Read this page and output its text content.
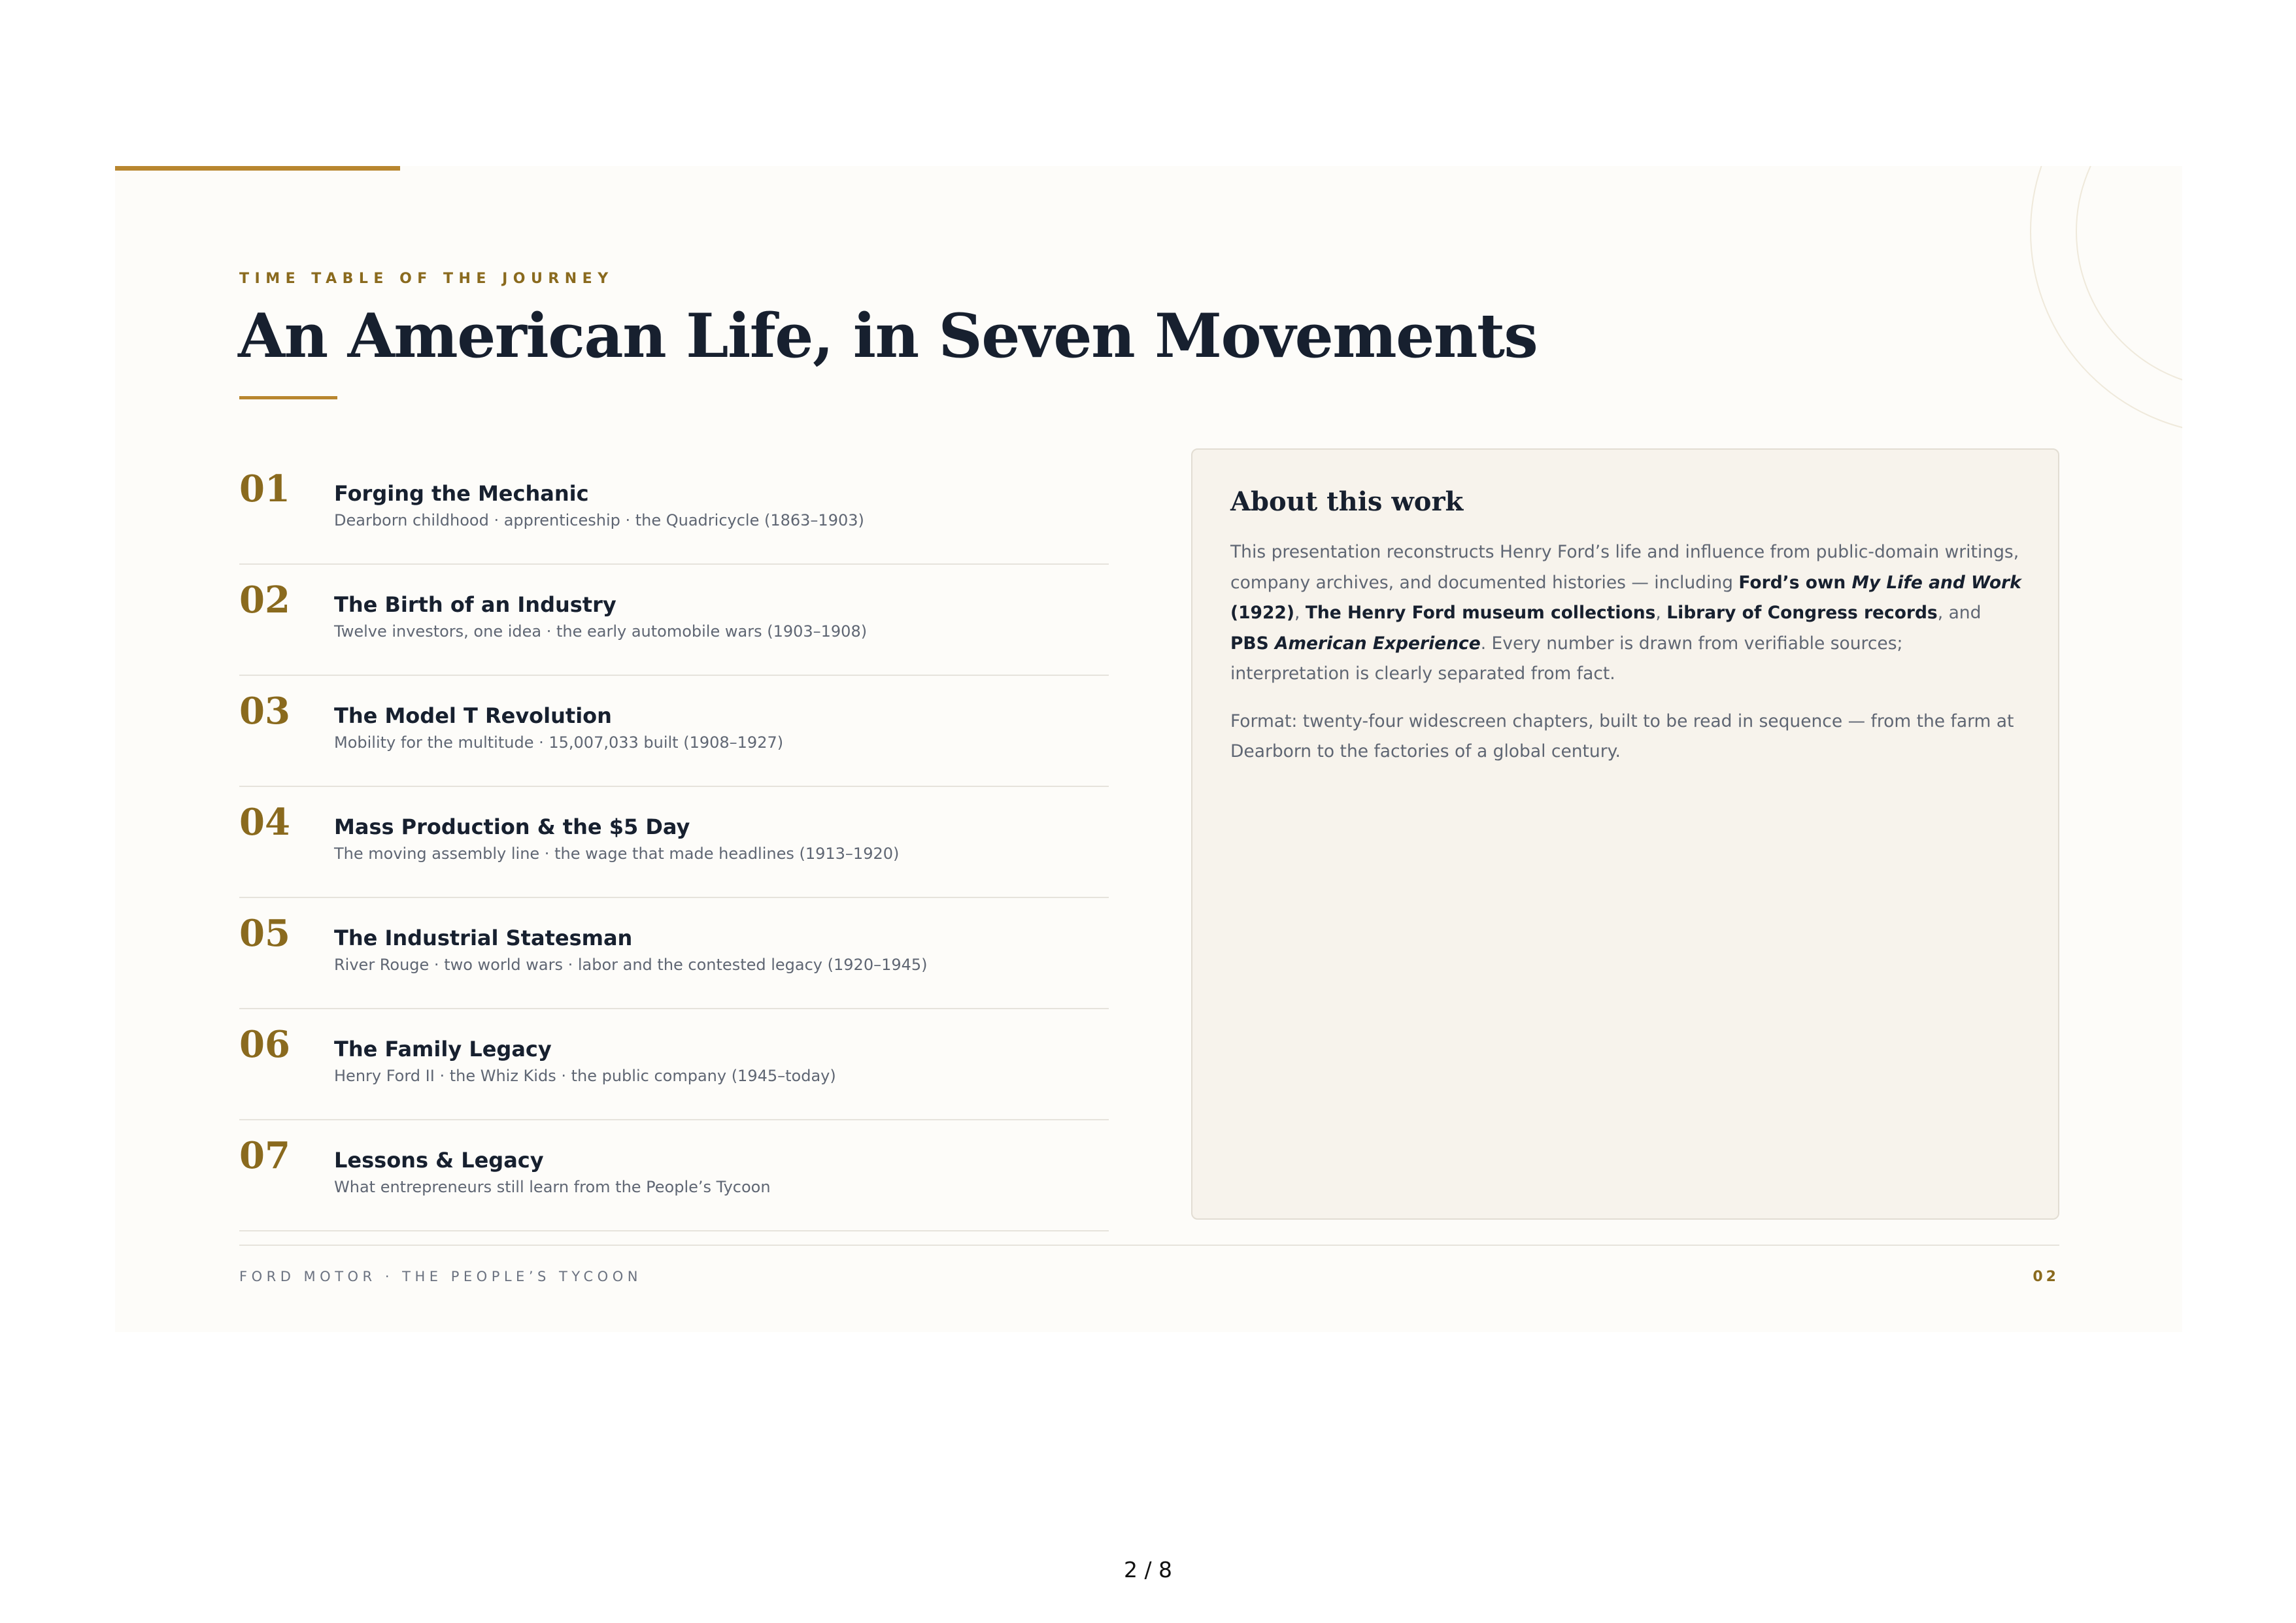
TIME TABLE OF THE JOURNEY
An American Life, in Seven Movements
01 Forging the Mechanic
Dearborn childhood · apprenticeship · the Quadricycle (1863–1903)
02 The Birth of an Industry
Twelve investors, one idea · the early automobile wars (1903–1908)
03 The Model T Revolution
Mobility for the multitude · 15,007,033 built (1908–1927)
04 Mass Production & the $5 Day
The moving assembly line · the wage that made headlines (1913–1920)
05 The Industrial Statesman
River Rouge · two world wars · labor and the contested legacy (1920–1945)
06 The Family Legacy
Henry Ford II · the Whiz Kids · the public company (1945–today)
07 Lessons & Legacy
What entrepreneurs still learn from the People’s Tycoon
About this work

This presentation reconstructs Henry Ford’s life and influence from public-domain writings, company archives, and documented histories — including Ford’s own My Life and Work (1922), The Henry Ford museum collections, Library of Congress records, and PBS American Experience. Every number is drawn from verifiable sources; interpretation is clearly separated from fact.

Format: twenty-four widescreen chapters, built to be read in sequence — from the farm at Dearborn to the factories of a global century.

FORD MOTOR · THE PEOPLE’S TYCOON	02
2 / 8
